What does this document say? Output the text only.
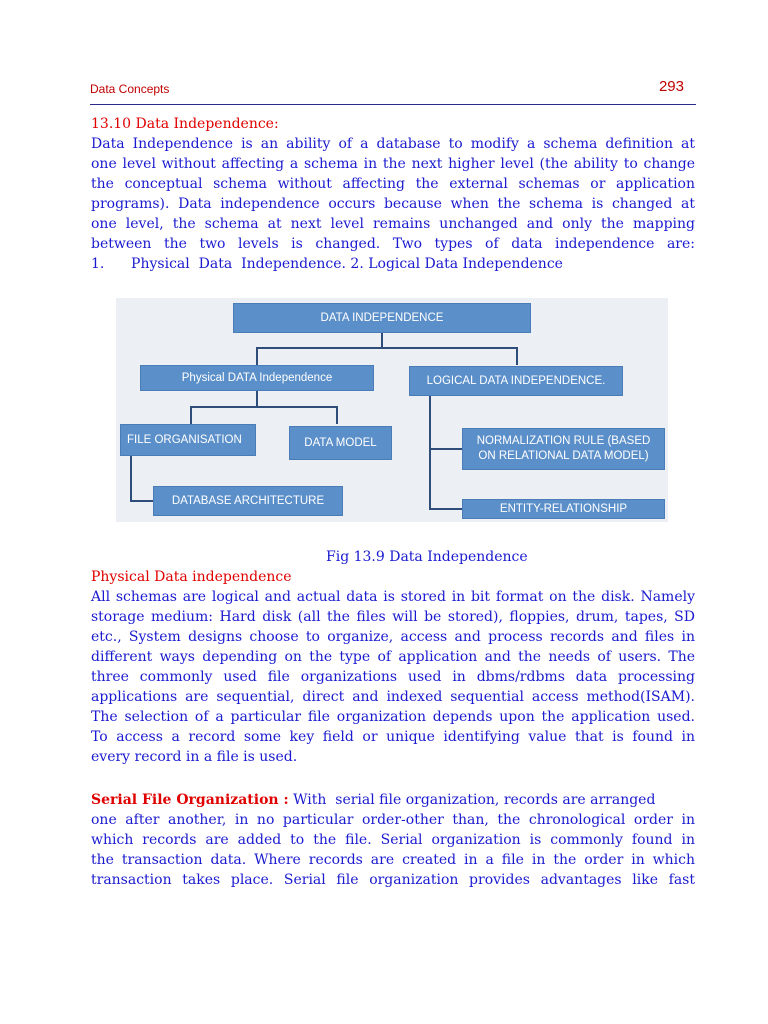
Data Concepts	293
13.10 Data Independence:
Data Independence is an ability of a database to modify a schema definition at
one level without affecting a schema in the next higher level (the ability to change
the conceptual schema without affecting the external schemas or application
programs). Data independence occurs because when the schema is changed at
one level, the schema at next level remains unchanged and only the mapping
between the two levels is changed. Two types of data independence are:
1.      Physical  Data  Independence. 2. Logical Data Independence
DATA INDEPENDENCE
Physical DATA Independence	LOGICAL DATA INDEPENDENCE.
FILE ORGANISATION	DATA MODEL
DATABASE ARCHITECTURE
NORMALIZATION RULE (BASED
ON RELATIONAL DATA MODEL)
ENTITY-RELATIONSHIP
Fig 13.9 Data Independence
Physical Data independence
All schemas are logical and actual data is stored in bit format on the disk. Namely
storage medium: Hard disk (all the files will be stored), floppies, drum, tapes, SD
etc., System designs choose to organize, access and process records and files in
different ways depending on the type of application and the needs of users. The
three commonly used file organizations used in dbms/rdbms data processing
applications are sequential, direct and indexed sequential access method(ISAM).
The selection of a particular file organization depends upon the application used.
To access a record some key field or unique identifying value that is found in
every record in a file is used.
Serial File Organization : With  serial file organization, records are arranged
one after another, in no particular order-other than, the chronological order in
which records are added to the file. Serial organization is commonly found in
the transaction data. Where records are created in a file in the order in which
transaction takes place. Serial file organization provides advantages like fast
